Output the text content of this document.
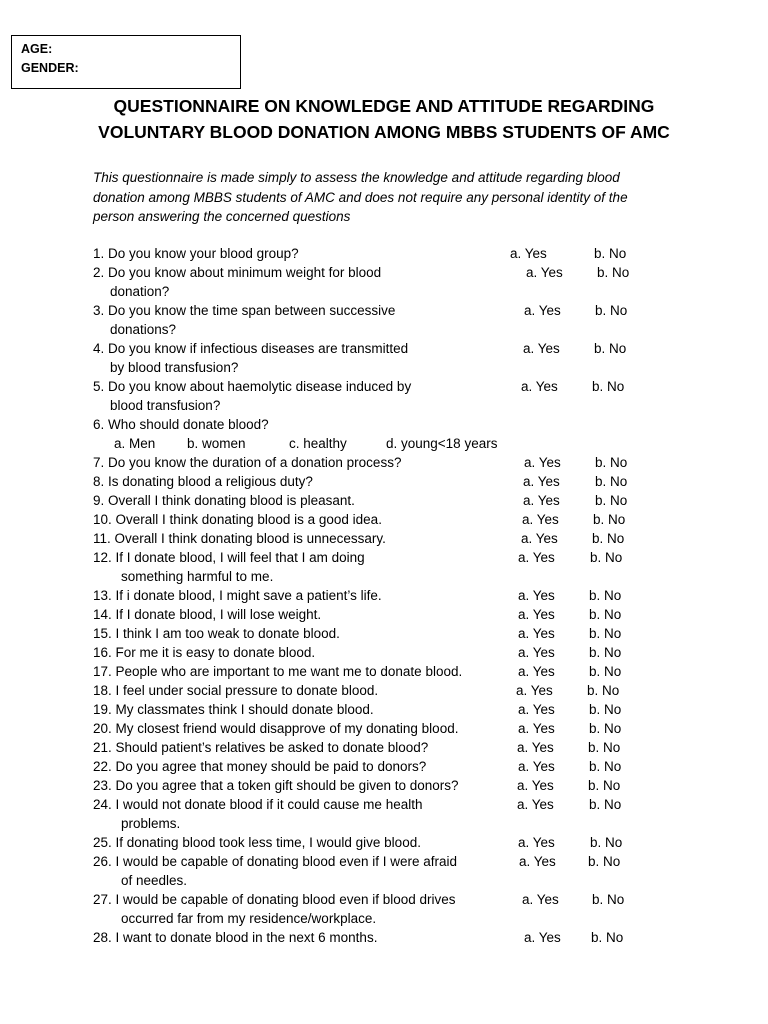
AGE:
GENDER:
QUESTIONNAIRE ON KNOWLEDGE AND ATTITUDE REGARDING
VOLUNTARY BLOOD DONATION AMONG MBBS STUDENTS OF AMC
This questionnaire is made simply to assess the knowledge and attitude regarding blood donation among MBBS students of AMC and does not require any personal identity of the person answering the concerned questions
1. Do you know your blood group?	a. Yes	b. No
2. Do you know about minimum weight for blood
donation?
a. Yes	b. No
3. Do you know the time span between successive
donations?
a. Yes	b. No
4. Do you know if infectious diseases are transmitted
by blood transfusion?
a. Yes	b. No
5. Do you know about haemolytic disease induced by
blood transfusion?
a. Yes	b. No
6. Who should donate blood?
a. Men b. women	c. healthy	d. young<18 years
7. Do you know the duration of a donation process?	a. Yes	b. No
8. Is donating blood a religious duty?	a. Yes	b. No
9. Overall I think donating blood is pleasant.	a. Yes	b. No
10. Overall I think donating blood is a good idea.	a. Yes	b. No
11. Overall I think donating blood is unnecessary.	a. Yes	b. No
12. If I donate blood, I will feel that I am doing
something harmful to me.
a. Yes	b. No
13. If i donate blood, I might save a patient’s life.	a. Yes	b. No
14. If I donate blood, I will lose weight.	a. Yes	b. No
15. I think I am too weak to donate blood.	a. Yes	b. No
16. For me it is easy to donate blood.	a. Yes	b. No
17. People who are important to me want me to donate blood.	a. Yes	b. No
18. I feel under social pressure to donate blood.	a. Yes	b. No
19. My classmates think I should donate blood.	a. Yes	b. No
20. My closest friend would disapprove of my donating blood.	a. Yes	b. No
21. Should patient’s relatives be asked to donate blood?	a. Yes	b. No
22. Do you agree that money should be paid to donors?	a. Yes	b. No
23. Do you agree that a token gift should be given to donors?	a. Yes	b. No
24. I would not donate blood if it could cause me health
problems.
a. Yes	b. No
25. If donating blood took less time, I would give blood.	a. Yes	b. No
26. I would be capable of donating blood even if I were afraid
of needles.
a. Yes b. No
27. I would be capable of donating blood even if blood drives
occurred far from my residence/workplace.
a. Yes b. No
28. I want to donate blood in the next 6 months.	a. Yes b. No
